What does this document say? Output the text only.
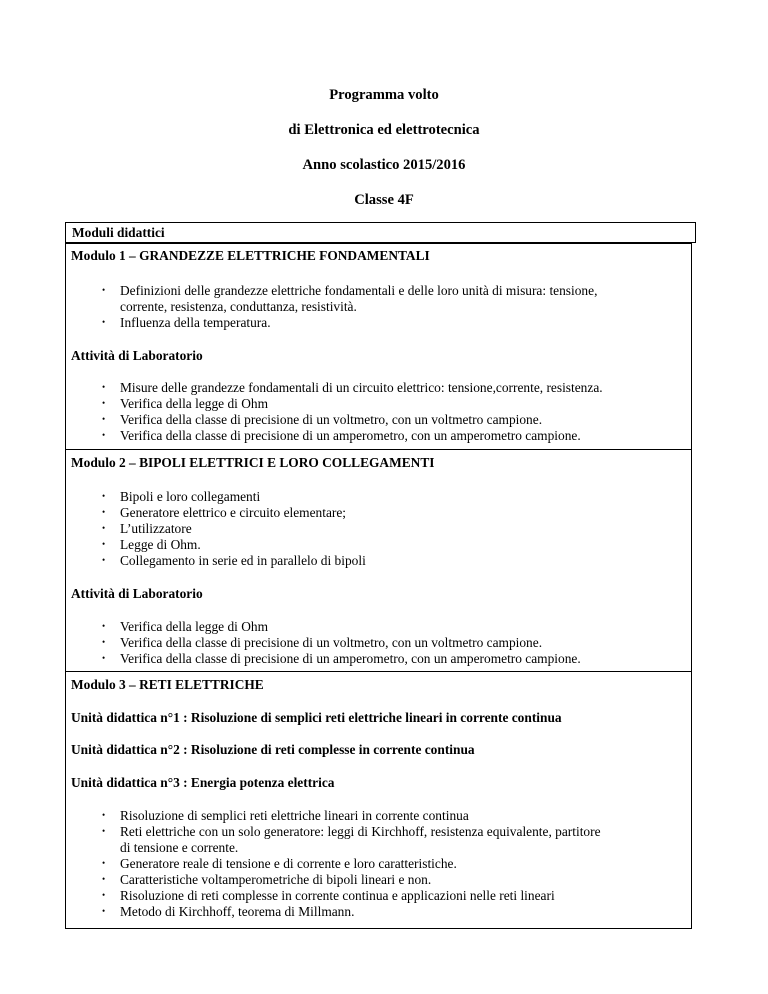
Programma volto
di Elettronica ed elettrotecnica
Anno scolastico 2015/2016
Classe 4F
Moduli didattici
Modulo 1 – GRANDEZZE ELETTRICHE FONDAMENTALI
• Definizioni delle grandezze elettriche fondamentali e delle loro unità di misura: tensione,
corrente, resistenza, conduttanza, resistività.
• Influenza della temperatura.
Attività di Laboratorio
• Misure delle grandezze fondamentali di un circuito elettrico: tensione,corrente, resistenza.
• Verifica della legge di Ohm
• Verifica della classe di precisione di un voltmetro, con un voltmetro campione.
• Verifica della classe di precisione di un amperometro, con un amperometro campione.
Modulo 2 – BIPOLI ELETTRICI E LORO COLLEGAMENTI
• Bipoli e loro collegamenti
• Generatore elettrico e circuito elementare;
• L’utilizzatore
• Legge di Ohm.
• Collegamento in serie ed in parallelo di bipoli
Attività di Laboratorio
• Verifica della legge di Ohm
• Verifica della classe di precisione di un voltmetro, con un voltmetro campione.
• Verifica della classe di precisione di un amperometro, con un amperometro campione.
Modulo 3 – RETI ELETTRICHE
Unità didattica n°1 : Risoluzione di semplici reti elettriche lineari in corrente continua
Unità didattica n°2 : Risoluzione di reti complesse in corrente continua
Unità didattica n°3 : Energia potenza elettrica
• Risoluzione di semplici reti elettriche lineari in corrente continua
• Reti elettriche con un solo generatore: leggi di Kirchhoff, resistenza equivalente, partitore
di tensione e corrente.
• Generatore reale di tensione e di corrente e loro caratteristiche.
• Caratteristiche voltamperometriche di bipoli lineari e non.
• Risoluzione di reti complesse in corrente continua e applicazioni nelle reti lineari
• Metodo di Kirchhoff, teorema di Millmann.
